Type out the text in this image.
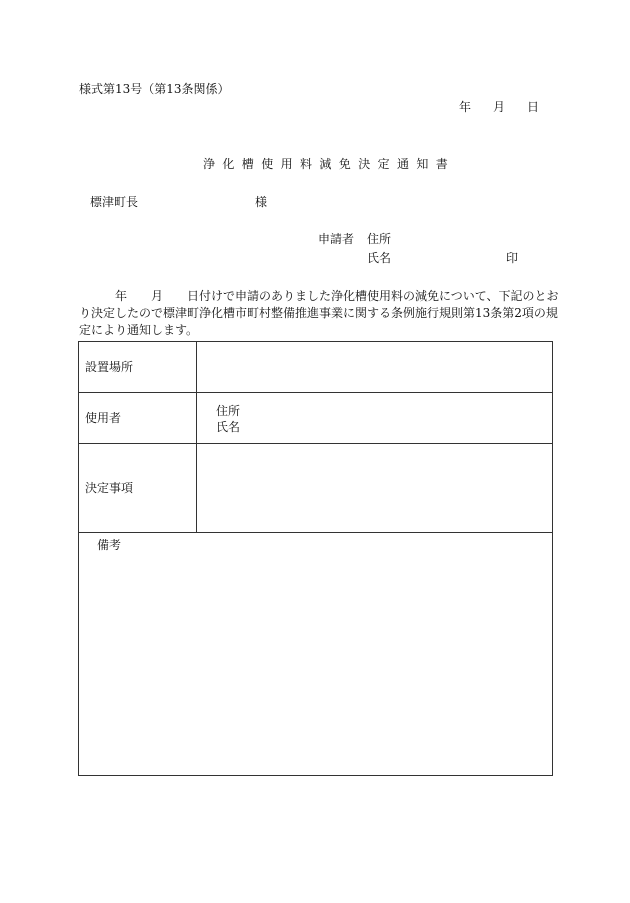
様式第13号（第13条関係）
年 月 日
浄化槽使用料減免決定通知書
標津町長	様
申請者 住所
氏名	印
年 月 日付けで申請のありました浄化槽使用料の減免について、下記のとお
り決定したので標津町浄化槽市町村整備推進事業に関する条例施行規則第13条第2項の規
定により通知します。
設置場所
使用者	住所
氏名
決定事項
備考
